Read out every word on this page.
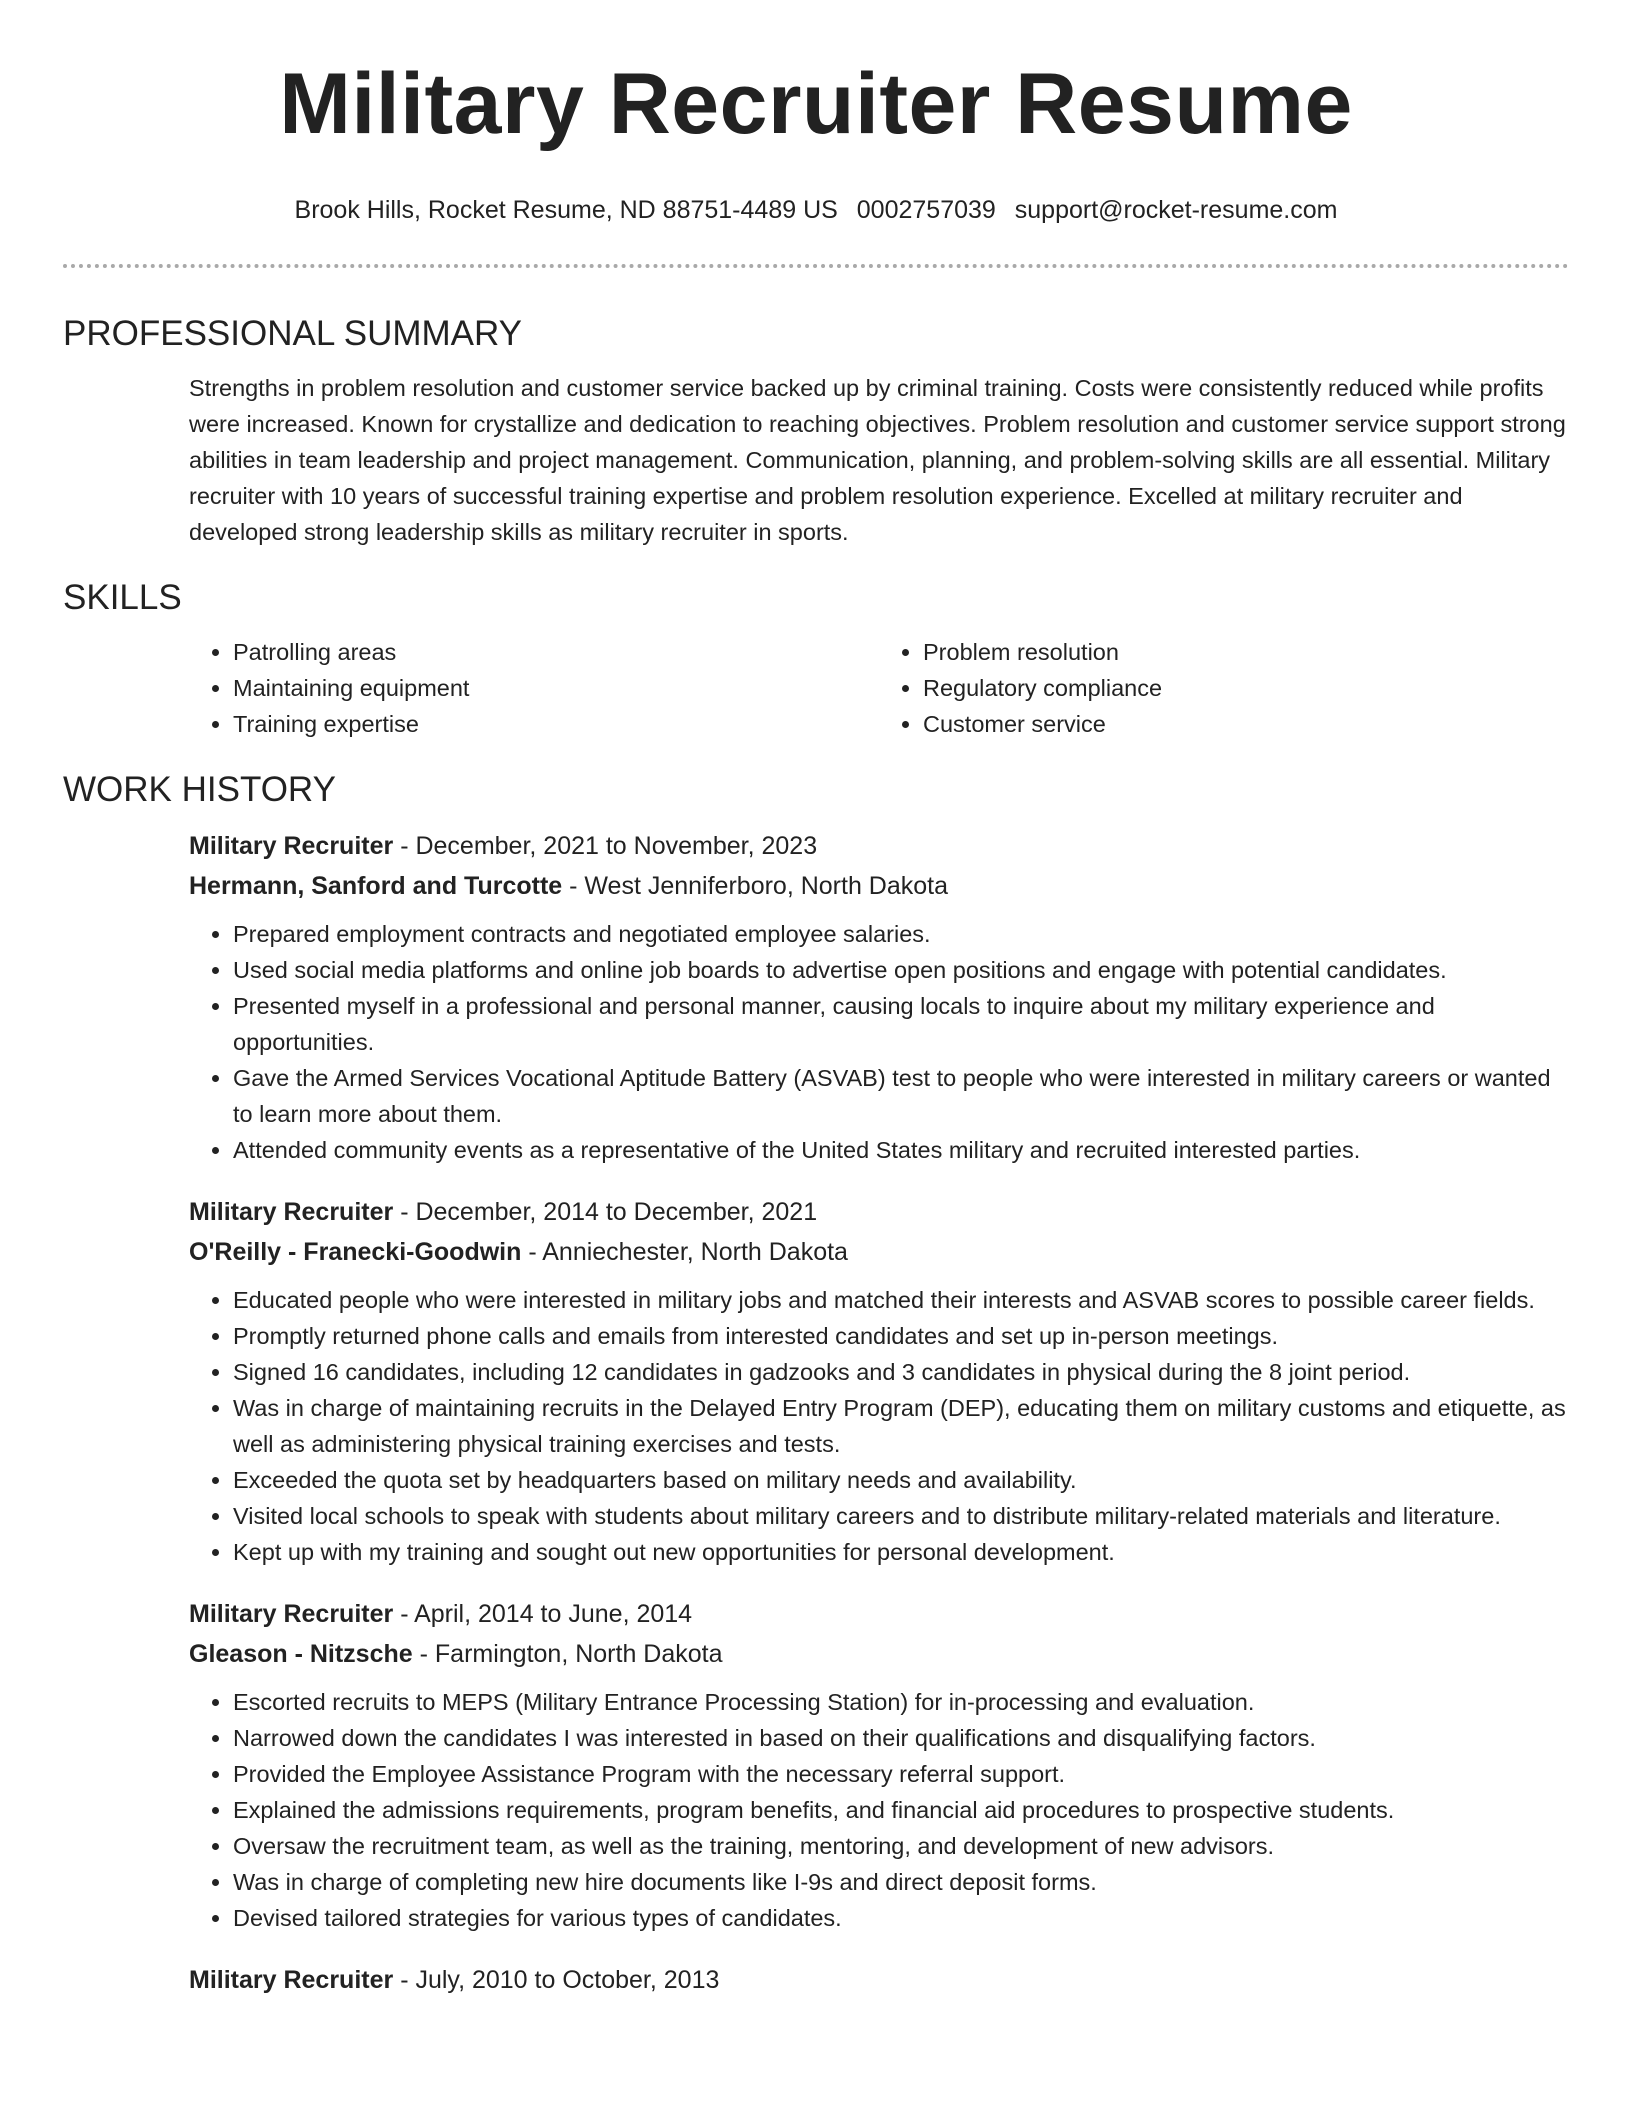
Military Recruiter Resume
Brook Hills, Rocket Resume, ND 88751-4489 US 0002757039 support@rocket-resume.com
PROFESSIONAL SUMMARY
Strengths in problem resolution and customer service backed up by criminal training. Costs were consistently reduced while profits were increased. Known for crystallize and dedication to reaching objectives. Problem resolution and customer service support strong abilities in team leadership and project management. Communication, planning, and problem-solving skills are all essential. Military recruiter with 10 years of successful training expertise and problem resolution experience. Excelled at military recruiter and developed strong leadership skills as military recruiter in sports.
SKILLS
• Patrolling areas
• Maintaining equipment
• Training expertise
• Problem resolution
• Regulatory compliance
• Customer service
WORK HISTORY
Military Recruiter - December, 2021 to November, 2023
Hermann, Sanford and Turcotte - West Jenniferboro, North Dakota
• Prepared employment contracts and negotiated employee salaries.
• Used social media platforms and online job boards to advertise open positions and engage with potential candidates.
• Presented myself in a professional and personal manner, causing locals to inquire about my military experience and opportunities.
• Gave the Armed Services Vocational Aptitude Battery (ASVAB) test to people who were interested in military careers or wanted to learn more about them.
• Attended community events as a representative of the United States military and recruited interested parties.
Military Recruiter - December, 2014 to December, 2021
O'Reilly - Franecki-Goodwin - Anniechester, North Dakota
• Educated people who were interested in military jobs and matched their interests and ASVAB scores to possible career fields.
• Promptly returned phone calls and emails from interested candidates and set up in-person meetings.
• Signed 16 candidates, including 12 candidates in gadzooks and 3 candidates in physical during the 8 joint period.
• Was in charge of maintaining recruits in the Delayed Entry Program (DEP), educating them on military customs and etiquette, as well as administering physical training exercises and tests.
• Exceeded the quota set by headquarters based on military needs and availability.
• Visited local schools to speak with students about military careers and to distribute military-related materials and literature.
• Kept up with my training and sought out new opportunities for personal development.
Military Recruiter - April, 2014 to June, 2014
Gleason - Nitzsche - Farmington, North Dakota
• Escorted recruits to MEPS (Military Entrance Processing Station) for in-processing and evaluation.
• Narrowed down the candidates I was interested in based on their qualifications and disqualifying factors.
• Provided the Employee Assistance Program with the necessary referral support.
• Explained the admissions requirements, program benefits, and financial aid procedures to prospective students.
• Oversaw the recruitment team, as well as the training, mentoring, and development of new advisors.
• Was in charge of completing new hire documents like I-9s and direct deposit forms.
• Devised tailored strategies for various types of candidates.
Military Recruiter - July, 2010 to October, 2013
